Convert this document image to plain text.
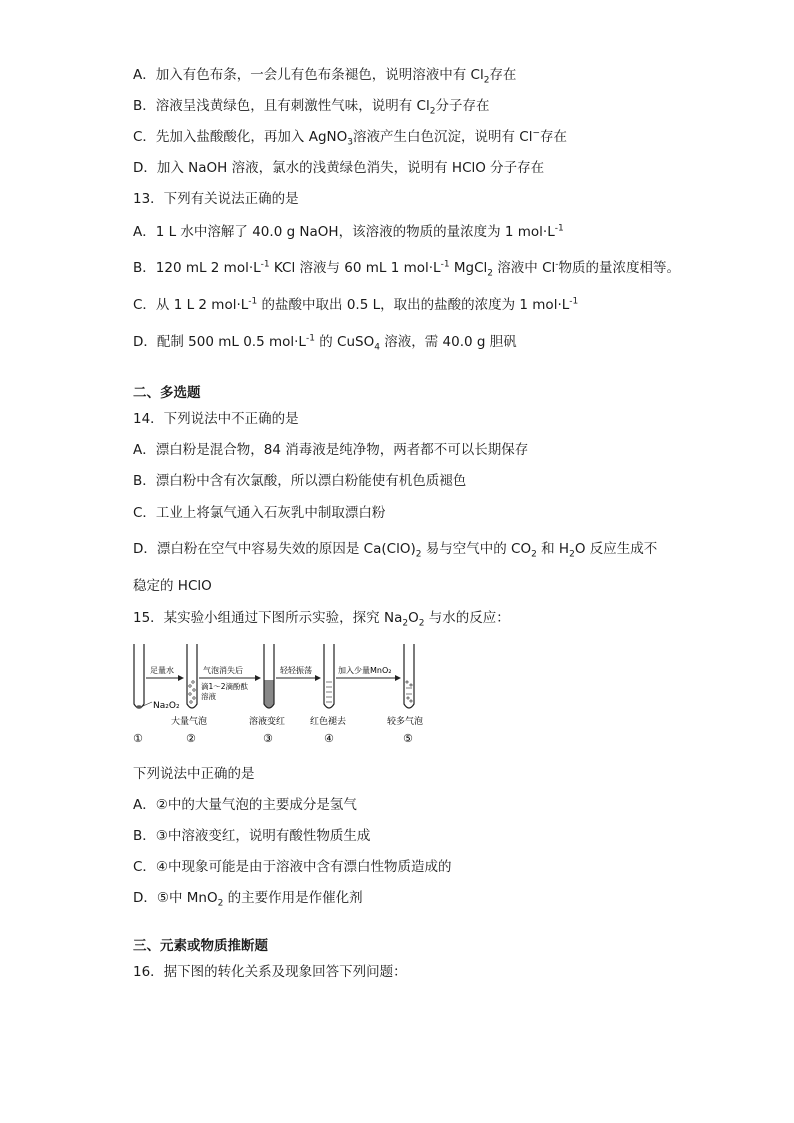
A．加入有色布条，一会儿有色布条褪色，说明溶液中有 $Cl_2$存在
B．溶液呈浅黄绿色，且有刺激性气味，说明有 $Cl_2$分子存在
C．先加入盐酸酸化，再加入 AgNO$_3$溶液产生白色沉淀，说明有 Cl−存在
D．加入 NaOH 溶液，氯水的浅黄绿色消失，说明有 HClO 分子存在
13．下列有关说法正确的是
A．1 L 水中溶解了 40.0 g NaOH，该溶液的物质的量浓度为 1 $mol\cdot L^{-1}$
B．120 mL 2 $mol\cdot L^{-1}$ KCl 溶液与 60 mL 1 $mol\cdot L^{-1}$ MgCl$_2$ 溶液中 Cl-物质的量浓度相等。
C．从 1 L 2 $mol\cdot L^{-1}$ 的盐酸中取出 0.5 L，取出的盐酸的浓度为 1 $mol\cdot L^{-1}$
D．配制 500 mL 0.5 $mol\cdot L^{-1}$ 的 CuSO$_4$ 溶液，需 40.0 g 胆矾
二、多选题
14．下列说法中不正确的是
A．漂白粉是混合物，84 消毒液是纯净物，两者都不可以长期保存
B．漂白粉中含有次氯酸，所以漂白粉能使有机色质褪色
C．工业上将氯气通入石灰乳中制取漂白粉
D．漂白粉在空气中容易失效的原因是 $Ca(ClO)_2$ 易与空气中的 $CO_2$ 和 $H_2O$ 反应生成不
稳定的 HClO
15．某实验小组通过下图所示实验，探究 $Na_2O_2$ 与水的反应：
Na₂O₂
①
足量水
大量气泡
②
气泡消失后
滴1～2滴酚酞
溶液
溶液变红
③
轻轻振荡
红色褪去
④
加入少量MnO₂
较多气泡
⑤
下列说法中正确的是
A．②中的大量气泡的主要成分是氢气
B．③中溶液变红，说明有酸性物质生成
C．④中现象可能是由于溶液中含有漂白性物质造成的
D．⑤中 MnO$_2$ 的主要作用是作催化剂
三、元素或物质推断题
16．据下图的转化关系及现象回答下列问题：
